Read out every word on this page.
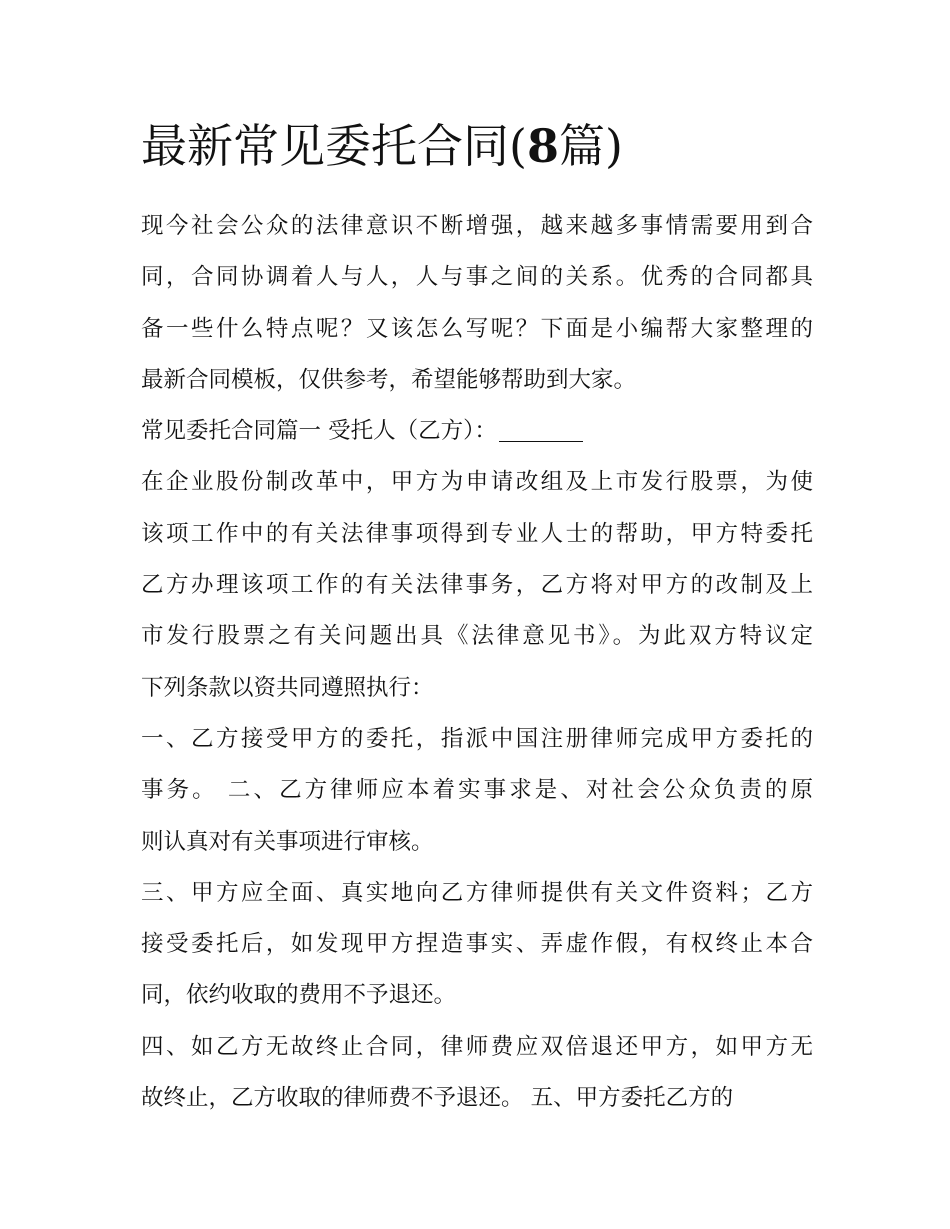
最新常见委托合同(8篇)
现今社会公众的法律意识不断增强，越来越多事情需要用到合
同，合同协调着人与人，人与事之间的关系。优秀的合同都具
备一些什么特点呢？又该怎么写呢？下面是小编帮大家整理的
最新合同模板，仅供参考，希望能够帮助到大家。
常见委托合同篇一 受托人（乙方）：
在企业股份制改革中，甲方为申请改组及上市发行股票，为使
该项工作中的有关法律事项得到专业人士的帮助，甲方特委托
乙方办理该项工作的有关法律事务，乙方将对甲方的改制及上
市发行股票之有关问题出具《法律意见书》。为此双方特议定
下列条款以资共同遵照执行：
一、乙方接受甲方的委托，指派中国注册律师完成甲方委托的
事务。 二、乙方律师应本着实事求是、对社会公众负责的原
则认真对有关事项进行审核。
三、甲方应全面、真实地向乙方律师提供有关文件资料；乙方
接受委托后，如发现甲方捏造事实、弄虚作假，有权终止本合
同，依约收取的费用不予退还。
四、如乙方无故终止合同，律师费应双倍退还甲方，如甲方无
故终止，乙方收取的律师费不予退还。 五、甲方委托乙方的
